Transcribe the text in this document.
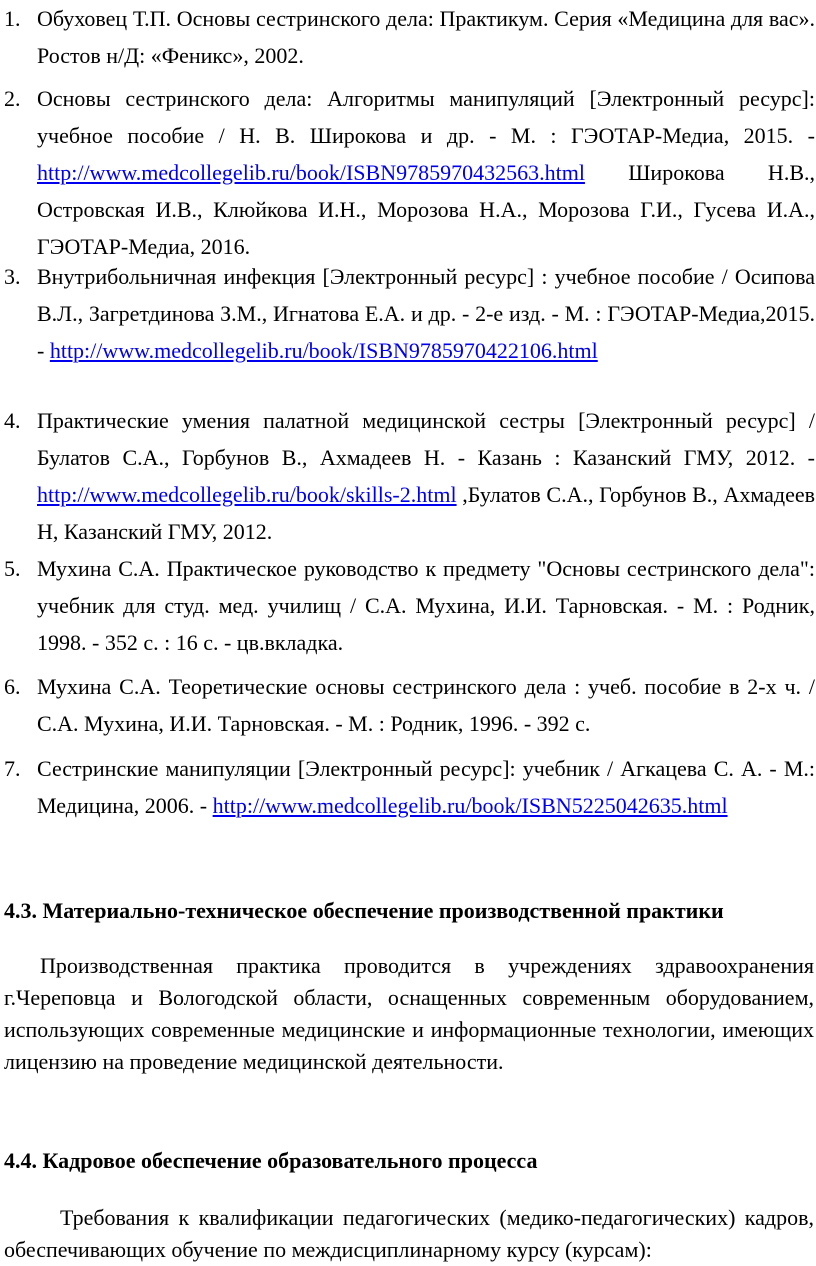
1. Обуховец Т.П. Основы сестринского дела: Практикум. Серия «Медицина для вас». Ростов н/Д: «Феникс», 2002.
2. Основы сестринского дела: Алгоритмы манипуляций [Электронный ресурс]: учебное пособие / Н. В. Широкова и др. - М. : ГЭОТАР-Медиа, 2015. - http://www.medcollegelib.ru/book/ISBN9785970432563.html Широкова Н.В., Островская И.В., Клюйкова И.Н., Морозова Н.А., Морозова Г.И., Гусева И.А., ГЭОТАР-Медиа, 2016.
3. Внутрибольничная инфекция [Электронный ресурс] : учебное пособие / Осипова В.Л., Загретдинова З.М., Игнатова Е.А. и др. - 2-е изд. - М. : ГЭОТАР-Медиа,2015. - http://www.medcollegelib.ru/book/ISBN9785970422106.html
4. Практические умения палатной медицинской сестры [Электронный ресурс] / Булатов С.А., Горбунов В., Ахмадеев Н. - Казань : Казанский ГМУ, 2012. - http://www.medcollegelib.ru/book/skills-2.html ,Булатов С.А., Горбунов В., Ахмадеев Н, Казанский ГМУ, 2012.
5. Мухина С.А. Практическое руководство к предмету "Основы сестринского дела": учебник для студ. мед. училищ / С.А. Мухина, И.И. Тарновская. - М. : Родник, 1998. - 352 с. : 16 с. - цв.вкладка.
6. Мухина С.А. Теоретические основы сестринского дела : учеб. пособие в 2-х ч. / С.А. Мухина, И.И. Тарновская. - М. : Родник, 1996. - 392 с.
7. Сестринские манипуляции [Электронный ресурс]: учебник / Агкацева С. А. - М.: Медицина, 2006. - http://www.medcollegelib.ru/book/ISBN5225042635.html
4.3. Материально-техническое обеспечение производственной практики
Производственная практика проводится в учреждениях здравоохранения г.Череповца и Вологодской области, оснащенных современным оборудованием, использующих современные медицинские и информационные технологии, имеющих лицензию на проведение медицинской деятельности.
4.4. Кадровое обеспечение образовательного процесса
Требования к квалификации педагогических (медико-педагогических) кадров, обеспечивающих обучение по междисциплинарному курсу (курсам):
